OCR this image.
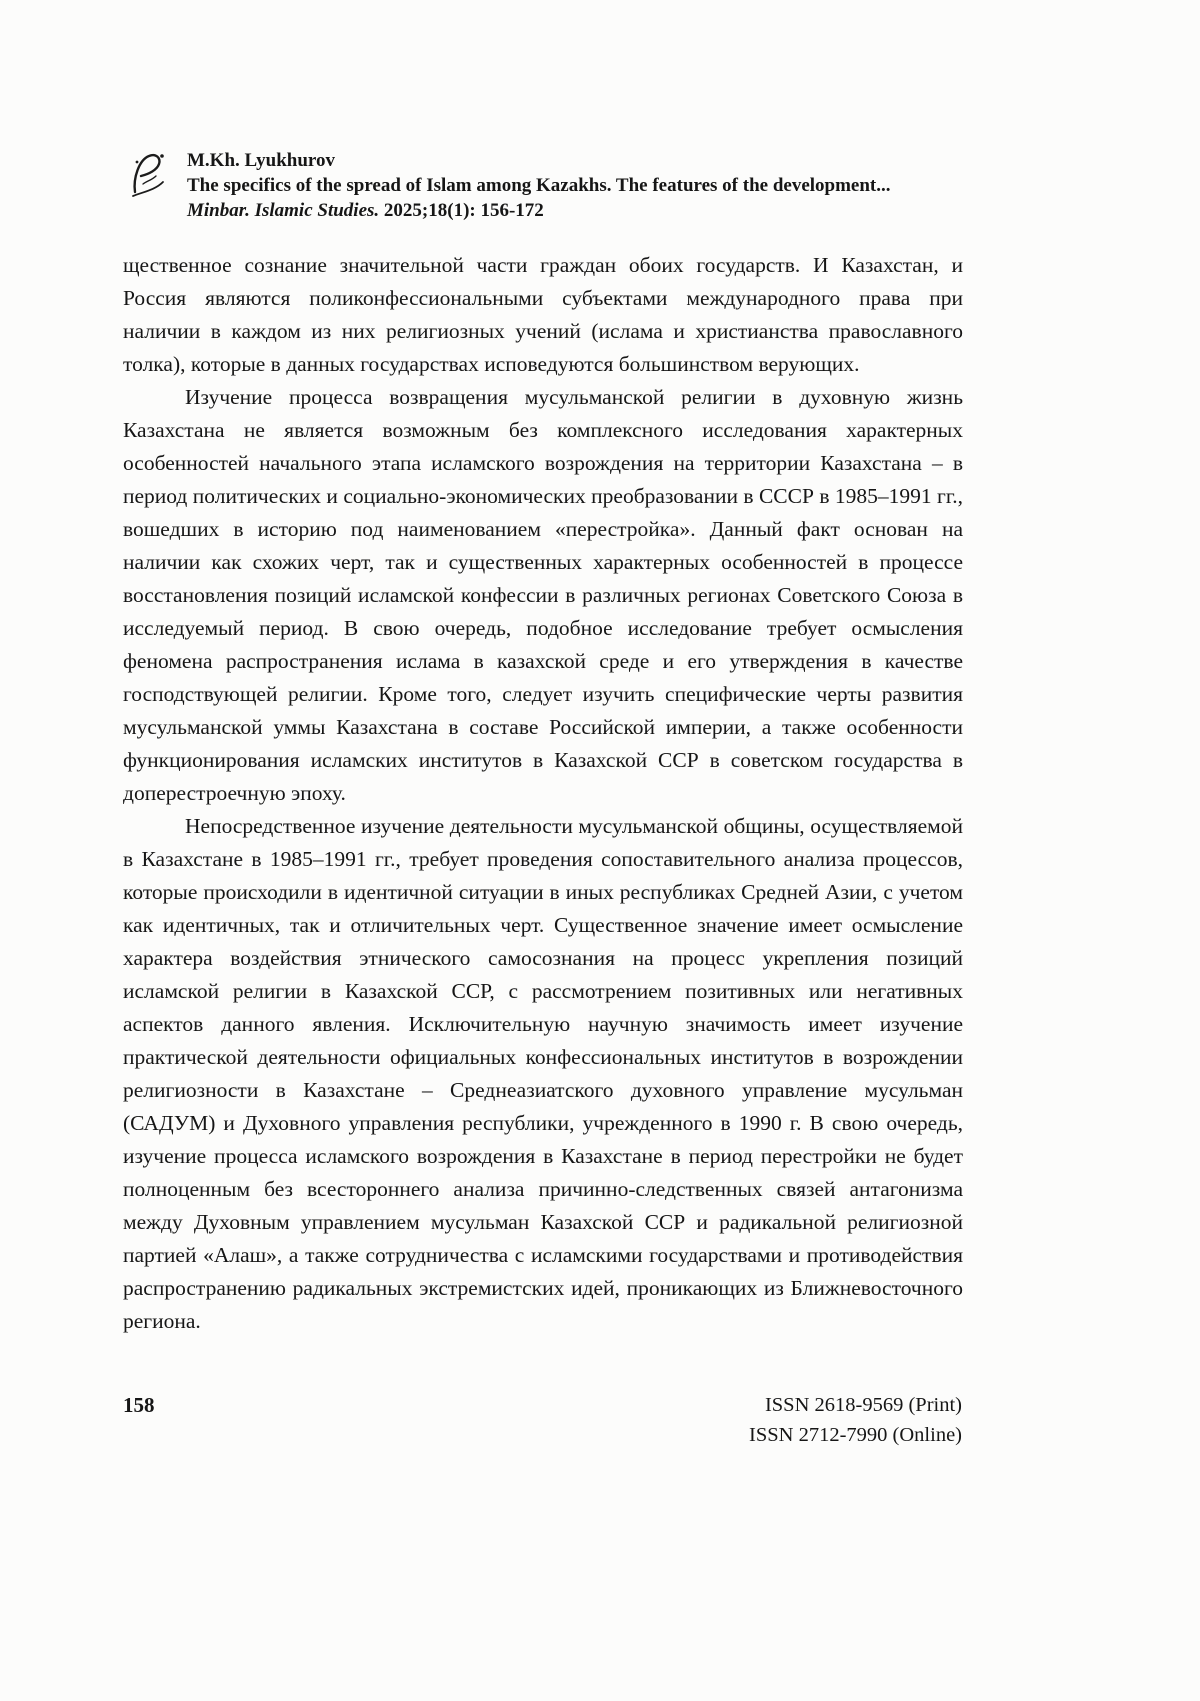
M.Kh. Lyukhurov
The specifics of the spread of Islam among Kazakhs. The features of the development...
Minbar. Islamic Studies. 2025;18(1): 156-172

щественное сознание значительной части граждан обоих государств. И Казахстан, и Россия являются поликонфессиональными субъектами международного права при наличии в каждом из них религиозных учений (ислама и христианства православного толка), которые в данных государствах исповедуются большинством верующих.

Изучение процесса возвращения мусульманской религии в духовную жизнь Казахстана не является возможным без комплексного исследования характерных особенностей начального этапа исламского возрождения на территории Казахстана – в период политических и социально-экономических преобразовании в СССР в 1985–1991 гг., вошедших в историю под наименованием «перестройка». Данный факт основан на наличии как схожих черт, так и существенных характерных особенностей в процессе восстановления позиций исламской конфессии в различных регионах Советского Союза в исследуемый период. В свою очередь, подобное исследование требует осмысления феномена распространения ислама в казахской среде и его утверждения в качестве господствующей религии. Кроме того, следует изучить специфические черты развития мусульманской уммы Казахстана в составе Российской империи, а также особенности функционирования исламских институтов в Казахской ССР в советском государства в доперестроечную эпоху.

Непосредственное изучение деятельности мусульманской общины, осуществляемой в Казахстане в 1985–1991 гг., требует проведения сопоставительного анализа процессов, которые происходили в идентичной ситуации в иных республиках Средней Азии, с учетом как идентичных, так и отличительных черт. Существенное значение имеет осмысление характера воздействия этнического самосознания на процесс укрепления позиций исламской религии в Казахской ССР, с рассмотрением позитивных или негативных аспектов данного явления. Исключительную научную значимость имеет изучение практической деятельности официальных конфессиональных институтов в возрождении религиозности в Казахстане – Среднеазиатского духовного управление мусульман (САДУМ) и Духовного управления республики, учрежденного в 1990 г. В свою очередь, изучение процесса исламского возрождения в Казахстане в период перестройки не будет полноценным без всестороннего анализа причинно-следственных связей антагонизма между Духовным управлением мусульман Казахской ССР и радикальной религиозной партией «Алаш», а также сотрудничества с исламскими государствами и противодействия распространению радикальных экстремистских идей, проникающих из Ближневосточного региона.

158	ISSN 2618-9569 (Print)
ISSN 2712-7990 (Online)
